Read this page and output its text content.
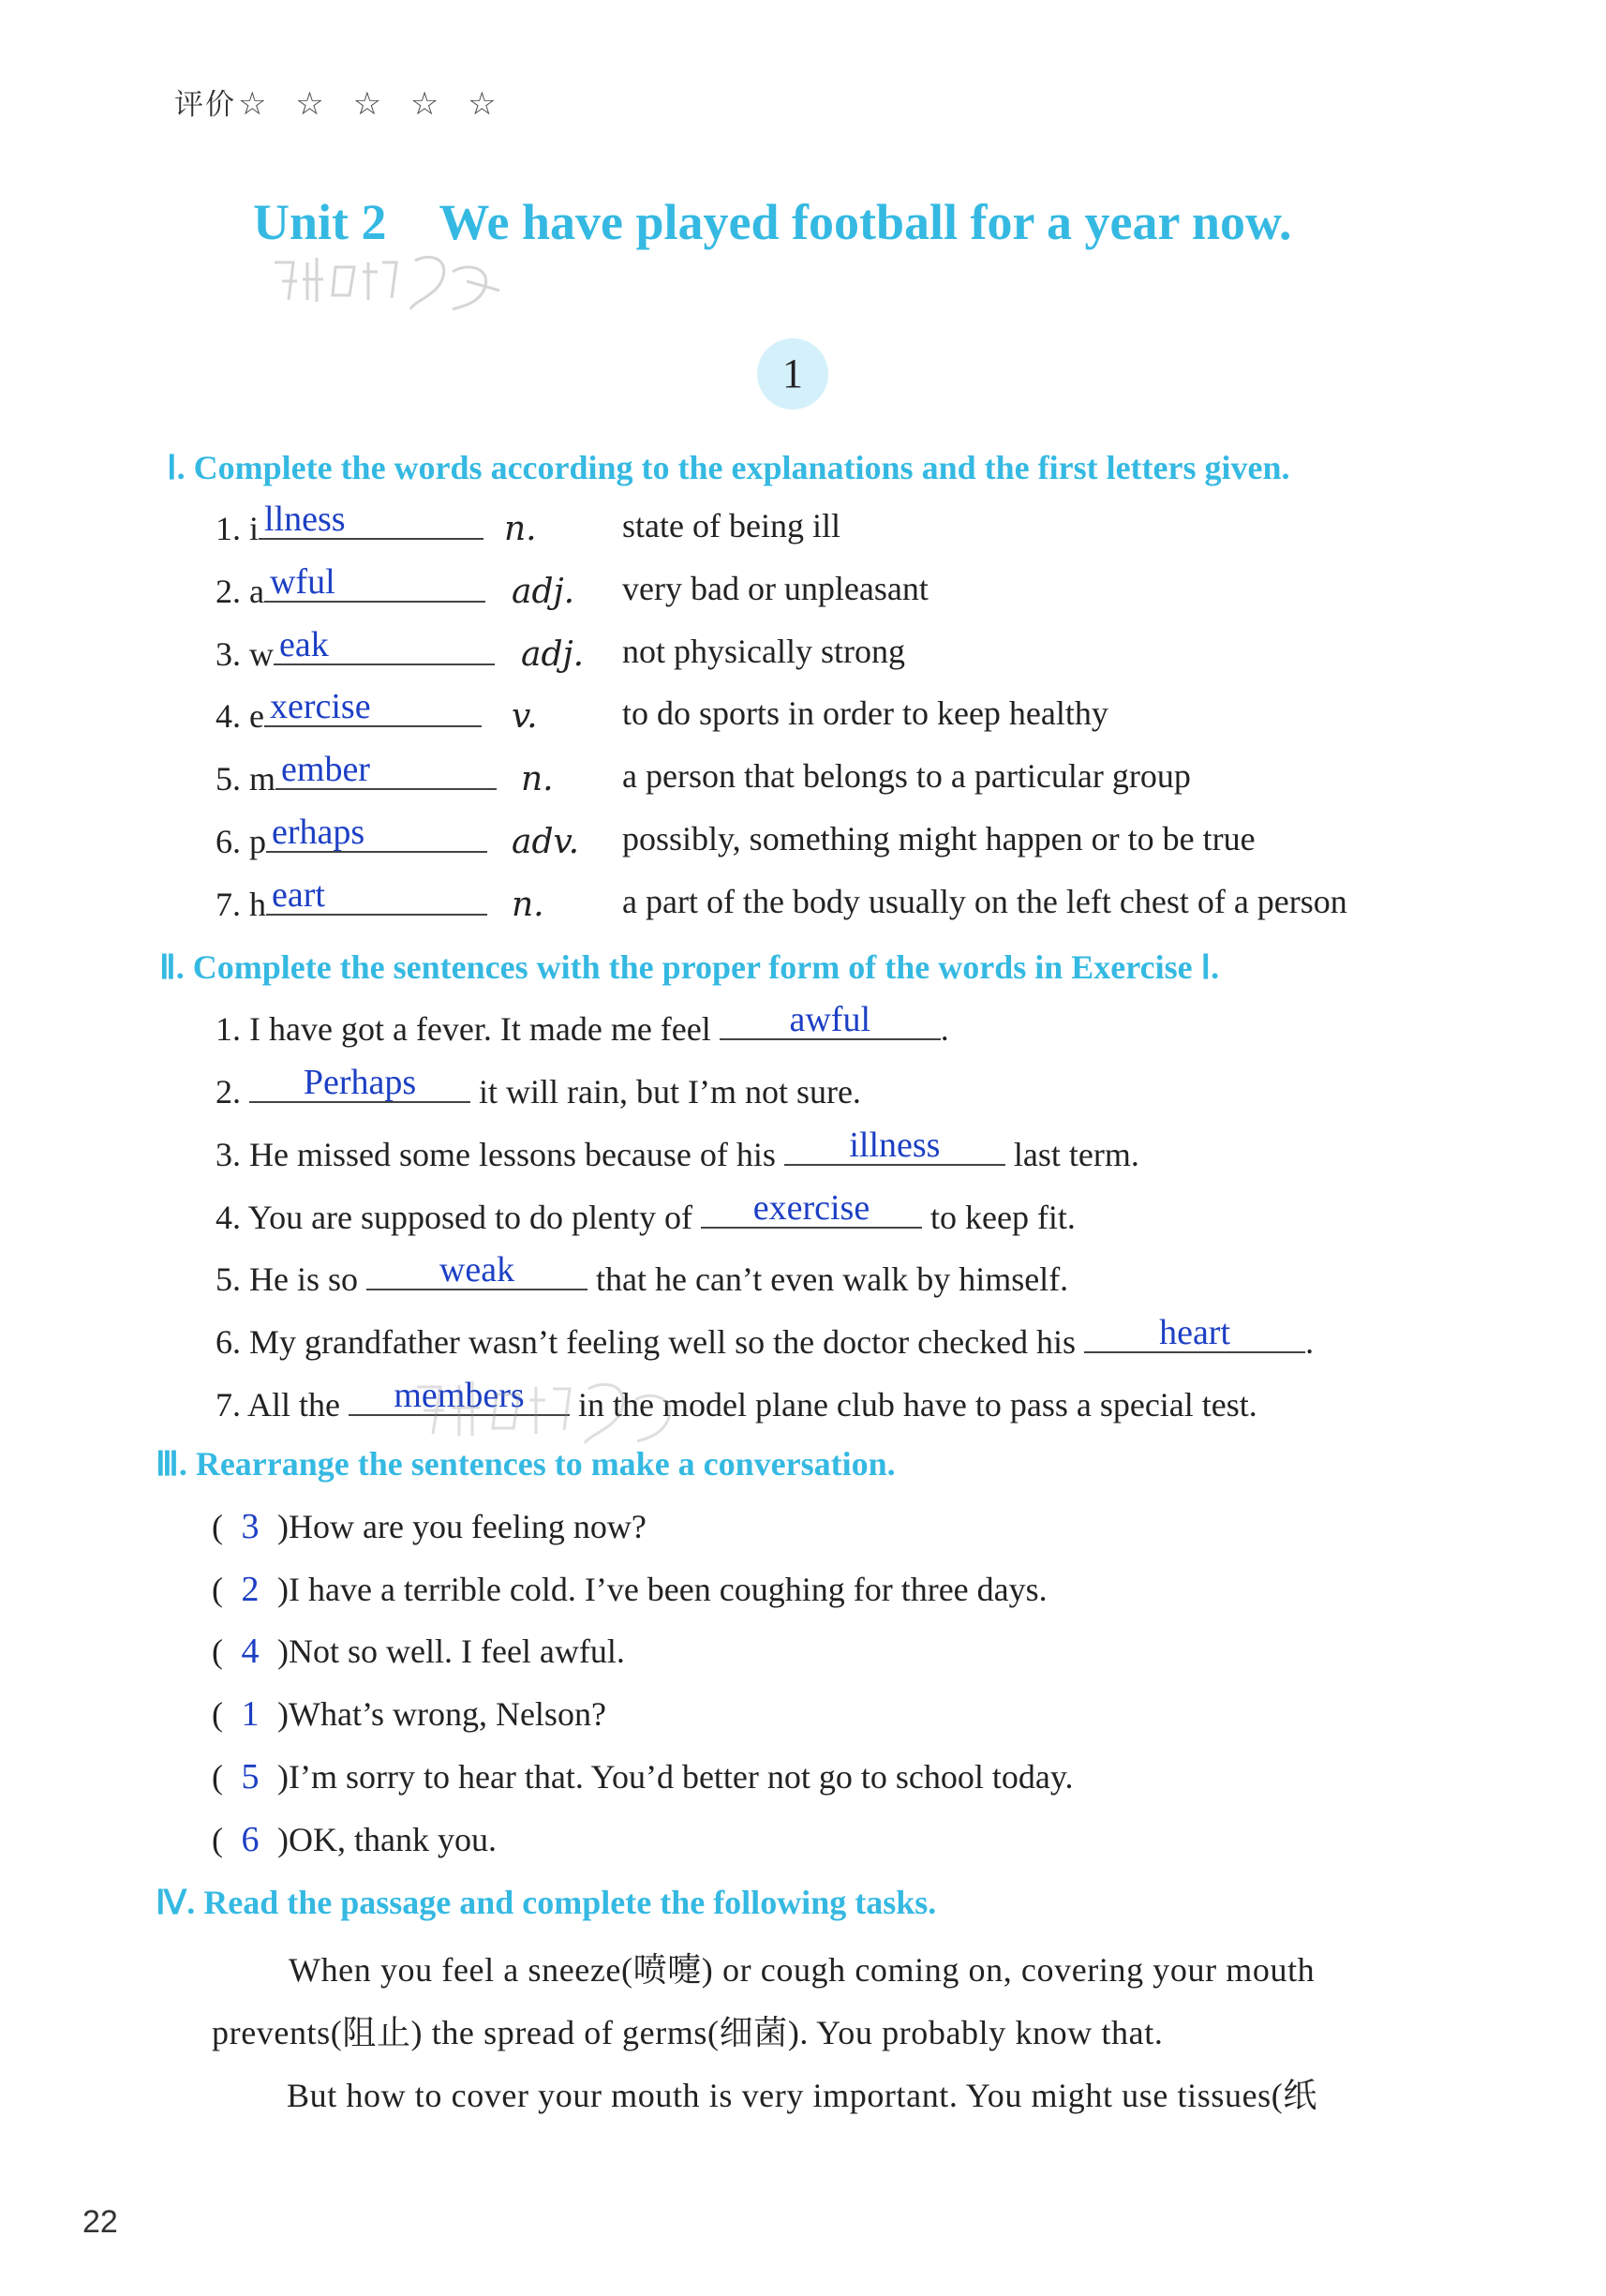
评价☆ ☆ ☆ ☆ ☆
Unit 2 We have played football for a year now.
1
Ⅰ. Complete the words according to the explanations and the first letters given.
1. i llness	n.	state of being ill
2. a wful	adj. very bad or unpleasant
3. w eak	adj. not physically strong
4. e xercise	v.	to do sports in order to keep healthy
5. m ember	n. a person that belongs to a particular group
6. p erhaps	adv. possibly, something might happen or to be true
7. h eart	n. a part of the body usually on the left chest of a person
Ⅱ. Complete the sentences with the proper form of the words in Exercise Ⅰ.
1. I have got a fever. It made me feel	awful	.
2.	Perhaps	it will rain, but I’m not sure.
3. He missed some lessons because of his	illness	last term.
4. You are supposed to do plenty of	exercise	to keep fit.
5. He is so	weak	that he can’t even walk by himself.
6. My grandfather wasn’t feeling well so the doctor checked his	heart	.
7. All the	members	in the model plane club have to pass a special test.
Ⅲ. Rearrange the sentences to make a conversation.
( 3 )How are you feeling now?
( 2 )I have a terrible cold. I’ve been coughing for three days.
( 4 )Not so well. I feel awful.
( 1 )What’s wrong, Nelson?
( 5 )I’m sorry to hear that. You’d better not go to school today.
( 6 )OK, thank you.
Ⅳ. Read the passage and complete the following tasks.
When you feel a sneeze(喷嚏) or cough coming on, covering your mouth
prevents(阻止) the spread of germs(细菌). You probably know that.
But how to cover your mouth is very important. You might use tissues(纸
22
